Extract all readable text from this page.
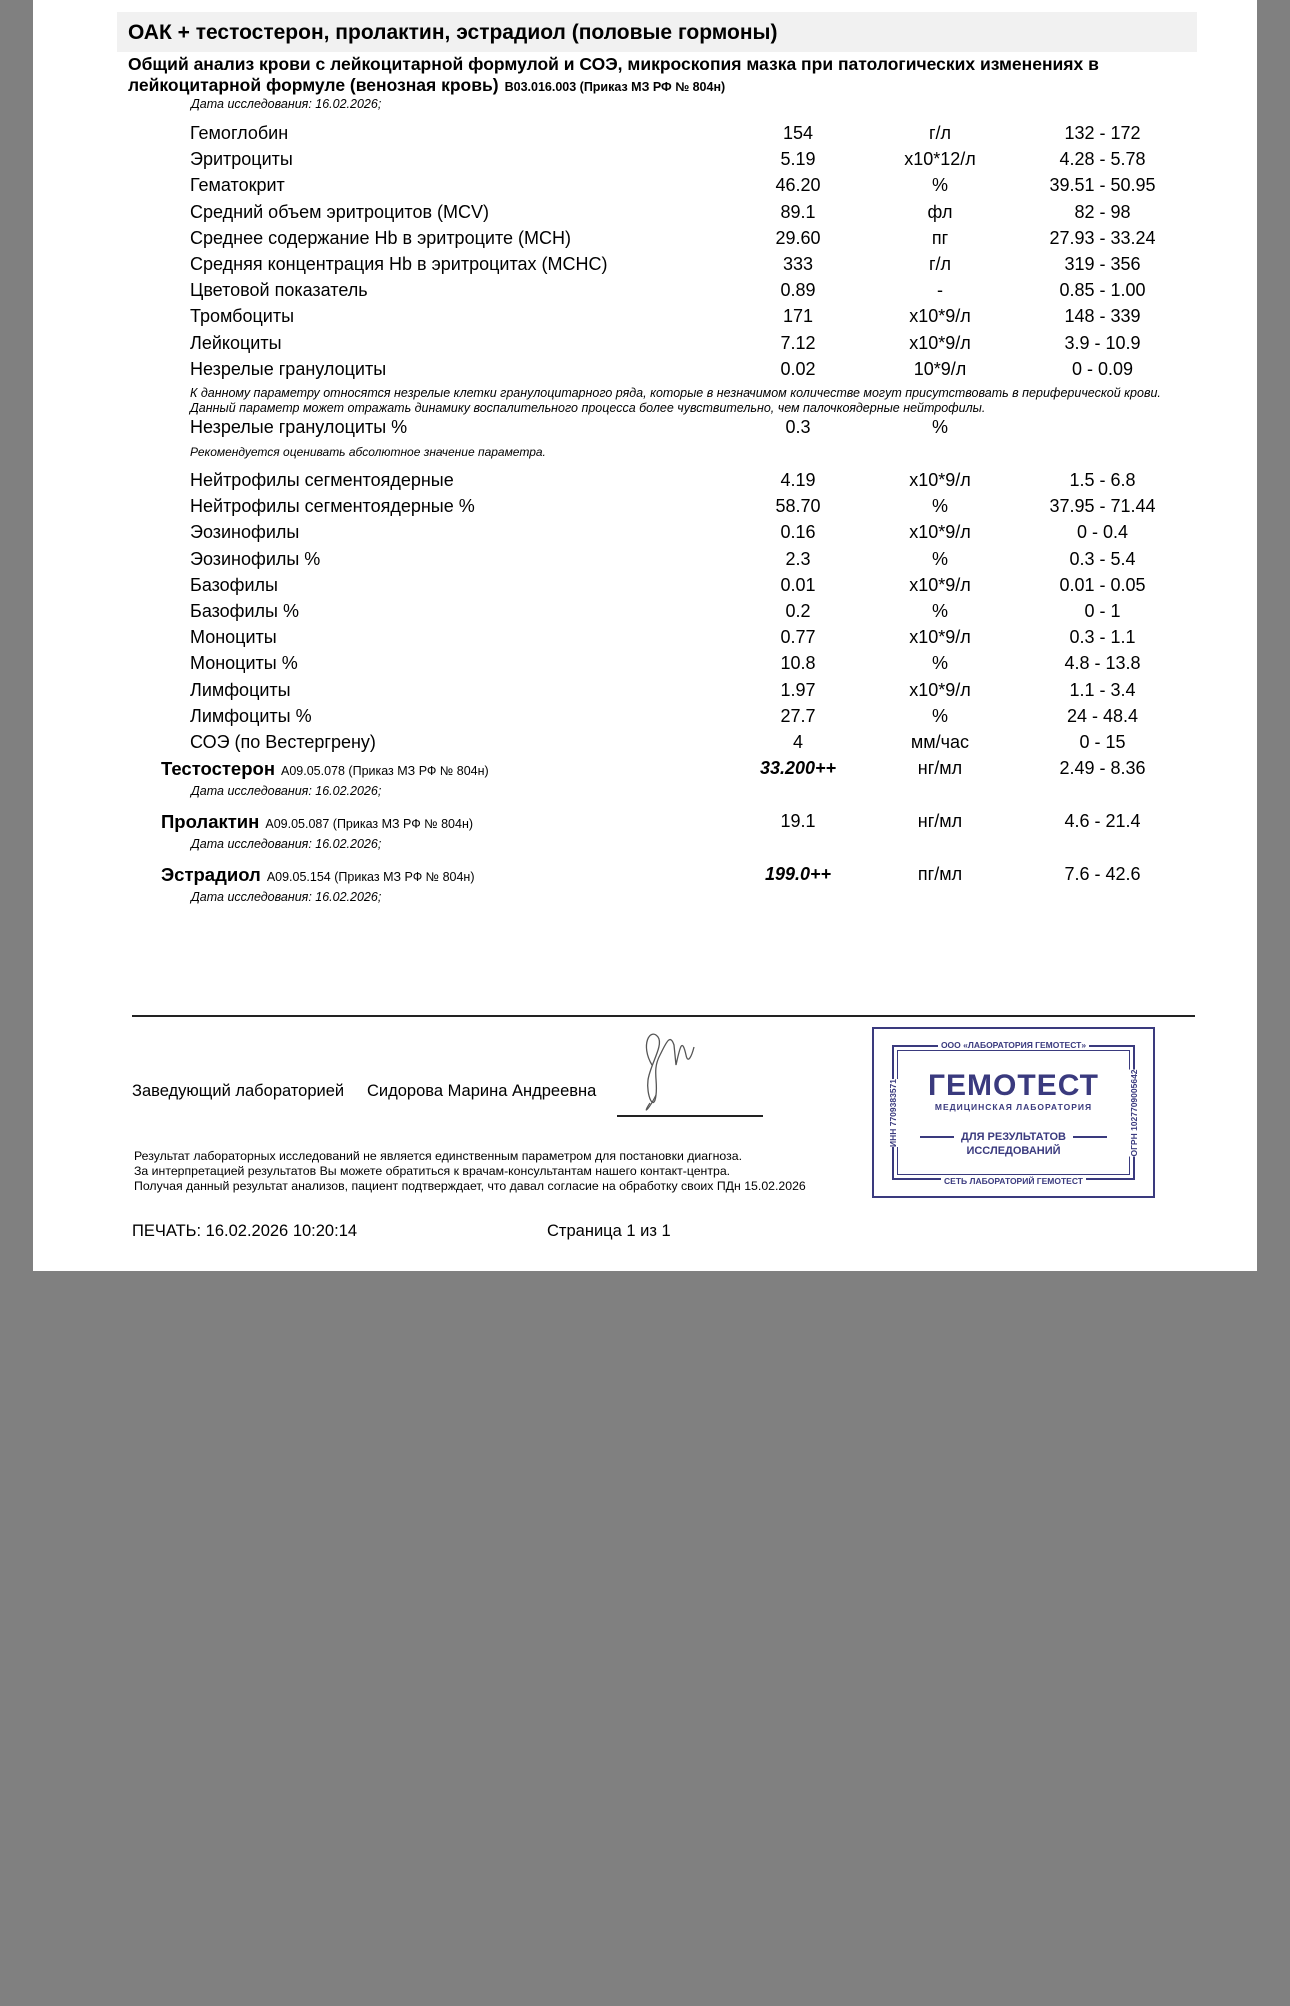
ОАК + тестостерон, пролактин, эстрадиол (половые гормоны)
Общий анализ крови с лейкоцитарной формулой и СОЭ, микроскопия мазка при патологических изменениях в лейкоцитарной формуле (венозная кровь) B03.016.003 (Приказ МЗ РФ № 804н)
Дата исследования: 16.02.2026;
Гемоглобин	154	г/л	132 - 172
Эритроциты	5.19	x10*12/л	4.28 - 5.78
Гематокрит	46.20	%	39.51 - 50.95
Средний объем эритроцитов (MCV)	89.1	фл	82 - 98
Среднее содержание Hb в эритроците (MCH)	29.60	пг	27.93 - 33.24
Средняя концентрация Hb в эритроцитах (MCHC)	333	г/л	319 - 356
Цветовой показатель	0.89	-	0.85 - 1.00
Тромбоциты	171	x10*9/л	148 - 339
Лейкоциты	7.12	x10*9/л	3.9 - 10.9
Незрелые гранулоциты	0.02	10*9/л	0 - 0.09
К данному параметру относятся незрелые клетки гранулоцитарного ряда, которые в незначимом количестве могут присутствовать в периферической крови. Данный параметр может отражать динамику воспалительного процесса более чувствительно, чем палочкоядерные нейтрофилы.
Незрелые гранулоциты %	0.3	%
Рекомендуется оценивать абсолютное значение параметра.
Нейтрофилы сегментоядерные	4.19	x10*9/л	1.5 - 6.8
Нейтрофилы сегментоядерные %	58.70	%	37.95 - 71.44
Эозинофилы	0.16	x10*9/л	0 - 0.4
Эозинофилы %	2.3	%	0.3 - 5.4
Базофилы	0.01	x10*9/л	0.01 - 0.05
Базофилы %	0.2	%	0 - 1
Моноциты	0.77	x10*9/л	0.3 - 1.1
Моноциты %	10.8	%	4.8 - 13.8
Лимфоциты	1.97	x10*9/л	1.1 - 3.4
Лимфоциты %	27.7	%	24 - 48.4
СОЭ (по Вестергрену)	4	мм/час	0 - 15
Тестостерон A09.05.078 (Приказ МЗ РФ № 804н)	33.200++	нг/мл	2.49 - 8.36
Дата исследования: 16.02.2026;
Пролактин A09.05.087 (Приказ МЗ РФ № 804н)	19.1	нг/мл	4.6 - 21.4
Дата исследования: 16.02.2026;
Эстрадиол A09.05.154 (Приказ МЗ РФ № 804н)	199.0++	пг/мл	7.6 - 42.6
Дата исследования: 16.02.2026;
Заведующий лабораторией Сидорова Марина Андреевна
ООО «ЛАБОРАТОРИЯ ГЕМОТЕСТ»
ГЕМОТЕСТ
МЕДИЦИНСКАЯ ЛАБОРАТОРИЯ
ДЛЯ РЕЗУЛЬТАТОВ
ИССЛЕДОВАНИЙ
СЕТЬ ЛАБОРАТОРИЙ ГЕМОТЕСТ
ИНН 7709383571	ОГРН 1027709005642
Результат лабораторных исследований не является единственным параметром для постановки диагноза.
За интерпретацией результатов Вы можете обратиться к врачам-консультантам нашего контакт-центра.
Получая данный результат анализов, пациент подтверждает, что давал согласие на обработку своих ПДн 15.02.2026
ПЕЧАТЬ: 16.02.2026 10:20:14	Страница 1 из 1
